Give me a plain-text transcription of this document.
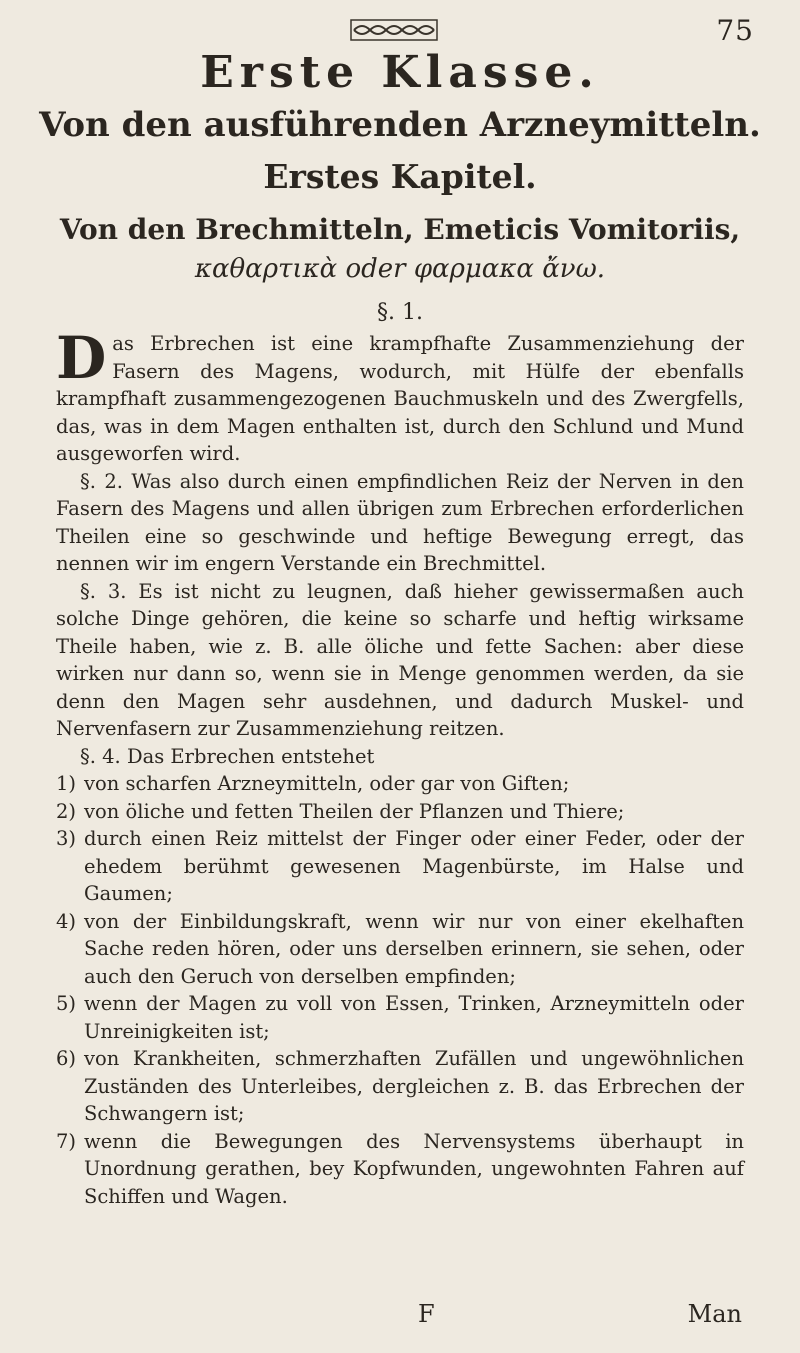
75
Erste Klasse.
Von den ausführenden Arzneymitteln.
Erstes Kapitel.
Von den Brechmitteln, Emeticis Vomitoriis,
καθαρτικὰ oder φαρμακα ἄνω.
§. 1.

Das Erbrechen ist eine krampfhafte Zusammenziehung der Fasern des Magens, wodurch, mit Hülfe der ebenfalls krampfhaft zusammengezogenen Bauchmuskeln und des Zwergfells, das, was in dem Magen enthalten ist, durch den Schlund und Mund ausgeworfen wird.

§. 2. Was also durch einen empfindlichen Reiz der Nerven in den Fasern des Magens und allen übrigen zum Erbrechen erforderlichen Theilen eine so geschwinde und heftige Bewegung erregt, das nennen wir im engern Verstande ein Brechmittel.

§. 3. Es ist nicht zu leugnen, daß hieher gewissermaßen auch solche Dinge gehören, die keine so scharfe und heftig wirksame Theile haben, wie z. B. alle öliche und fette Sachen: aber diese wirken nur dann so, wenn sie in Menge genommen werden, da sie denn den Magen sehr ausdehnen, und dadurch Muskel- und Nervenfasern zur Zusammenziehung reitzen.

§. 4. Das Erbrechen entstehet

1) von scharfen Arzneymitteln, oder gar von Giften;
2) von öliche und fetten Theilen der Pflanzen und Thiere;
3) durch einen Reiz mittelst der Finger oder einer Feder, oder der ehedem berühmt gewesenen Magenbürste, im Halse und Gaumen;
4) von der Einbildungskraft, wenn wir nur von einer ekelhaften Sache reden hören, oder uns derselben erinnern, sie sehen, oder auch den Geruch von derselben empfinden;
5) wenn der Magen zu voll von Essen, Trinken, Arzneymitteln oder Unreinigkeiten ist;
6) von Krankheiten, schmerzhaften Zufällen und ungewöhnlichen Zuständen des Unterleibes, dergleichen z. B. das Erbrechen der Schwangern ist;
7) wenn die Bewegungen des Nervensystems überhaupt in Unordnung gerathen, bey Kopfwunden, ungewohnten Fahren auf Schiffen und Wagen.
F	Man
